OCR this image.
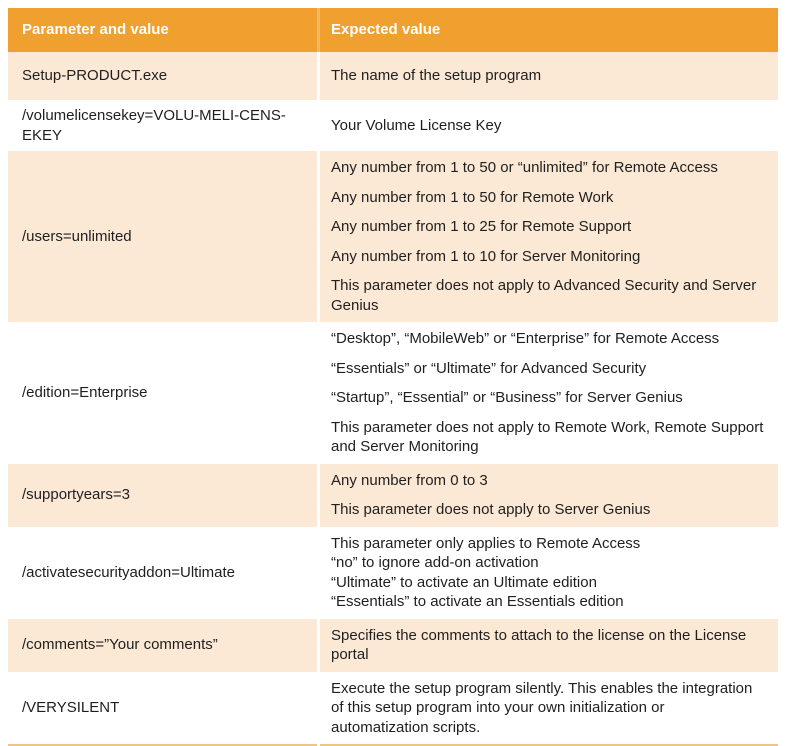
Parameter and value	Expected value

Setup-PRODUCT.exe	The name of the setup program

/volumelicensekey=VOLU-MELI-CENS-EKEY

Your Volume License Key

/users=unlimited

Any number from 1 to 50 or “unlimited” for Remote Access

Any number from 1 to 50 for Remote Work

Any number from 1 to 25 for Remote Support

Any number from 1 to 10 for Server Monitoring

This parameter does not apply to Advanced Security and Server Genius

/edition=Enterprise

“Desktop”, “MobileWeb” or “Enterprise” for Remote Access

“Essentials” or “Ultimate” for Advanced Security

“Startup”, “Essential” or “Business” for Server Genius

This parameter does not apply to Remote Work, Remote Support and Server Monitoring

/supportyears=3

Any number from 0 to 3

This parameter does not apply to Server Genius

/activatesecurityaddon=Ultimate

This parameter only applies to Remote Access

“no” to ignore add-on activation

“Ultimate” to activate an Ultimate edition

“Essentials” to activate an Essentials edition

/comments=”Your comments”

Specifies the comments to attach to the license on the License portal

/VERYSILENT

Execute the setup program silently. This enables the integration of this setup program into your own initialization or automatization scripts.
